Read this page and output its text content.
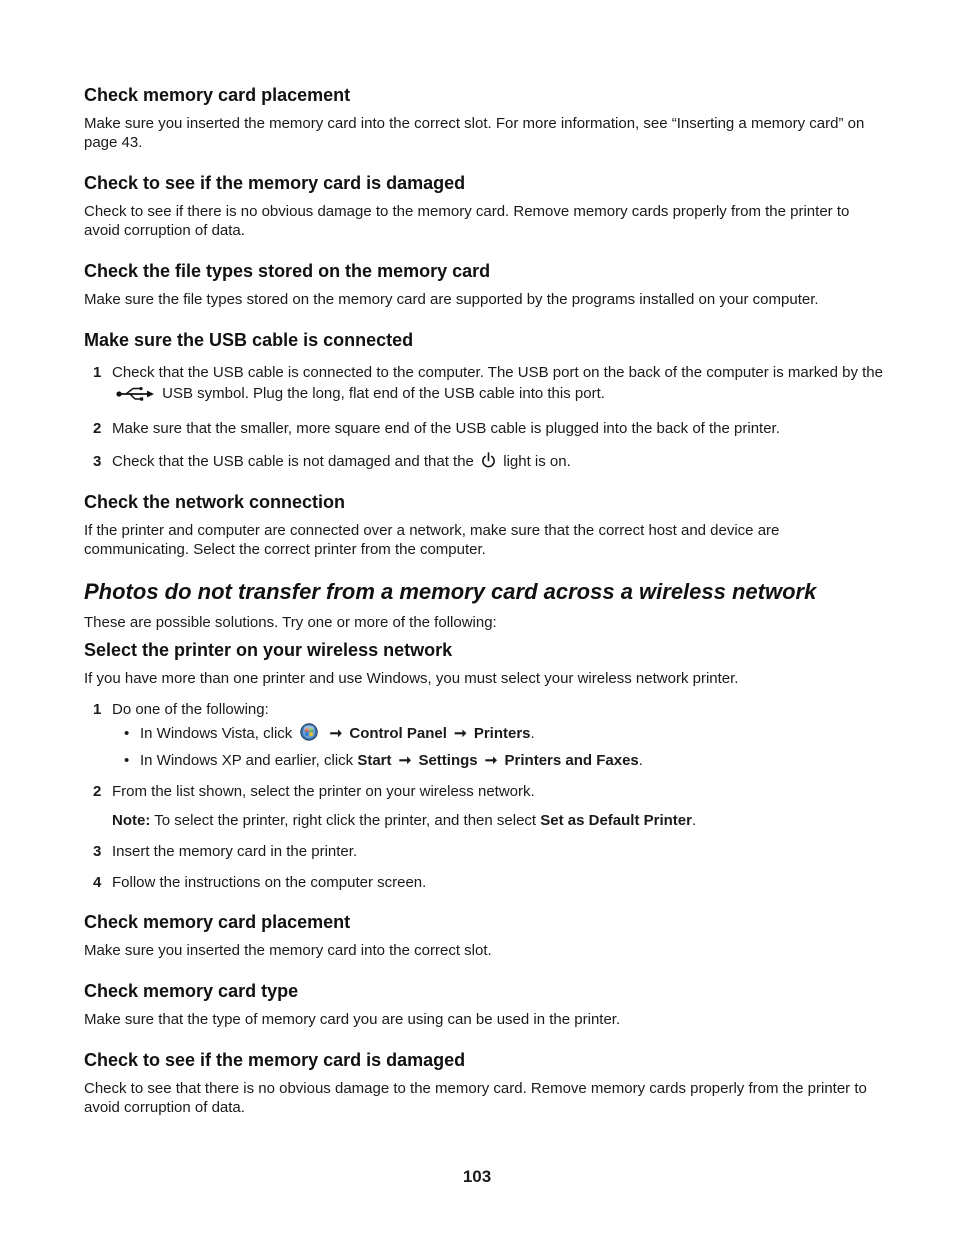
Check memory card placement

Make sure you inserted the memory card into the correct slot. For more information, see “Inserting a memory card” on page 43.

Check to see if the memory card is damaged

Check to see if there is no obvious damage to the memory card. Remove memory cards properly from the printer to avoid corruption of data.

Check the file types stored on the memory card

Make sure the file types stored on the memory card are supported by the programs installed on your computer.

Make sure the USB cable is connected
1 Check that the USB cable is connected to the computer. The USB port on the back of the computer is marked by the  USB symbol. Plug the long, flat end of the USB cable into this port.
2 Make sure that the smaller, more square end of the USB cable is plugged into the back of the printer.
3 Check that the USB cable is not damaged and that the light is on.
Check the network connection

If the printer and computer are connected over a network, make sure that the correct host and device are communicating. Select the correct printer from the computer.

Photos do not transfer from a memory card across a wireless network

These are possible solutions. Try one or more of the following:

Select the printer on your wireless network

If you have more than one printer and use Windows, you must select your wireless network printer.

1 Do one of the following:
• In Windows Vista, click ➞ Control Panel ➞ Printers.
• In Windows XP and earlier, click Start ➞ Settings ➞ Printers and Faxes.
2 From the list shown, select the printer on your wireless network.
Note: To select the printer, right click the printer, and then select Set as Default Printer.
3 Insert the memory card in the printer.
4 Follow the instructions on the computer screen.
Check memory card placement

Make sure you inserted the memory card into the correct slot.

Check memory card type

Make sure that the type of memory card you are using can be used in the printer.

Check to see if the memory card is damaged

Check to see that there is no obvious damage to the memory card. Remove memory cards properly from the printer to avoid corruption of data.

103
